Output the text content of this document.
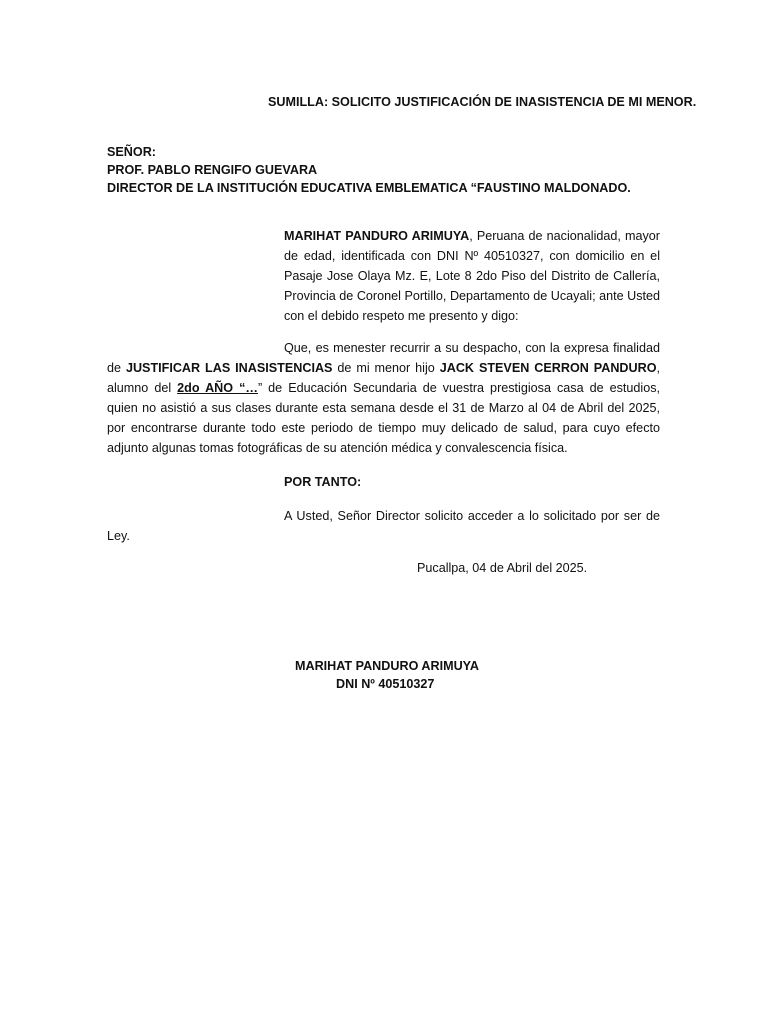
SUMILLA: SOLICITO JUSTIFICACIÓN DE INASISTENCIA DE MI MENOR.
SEÑOR:
PROF. PABLO RENGIFO GUEVARA
DIRECTOR DE LA INSTITUCIÓN EDUCATIVA EMBLEMATICA “FAUSTINO MALDONADO.

MARIHAT PANDURO ARIMUYA, Peruana de nacionalidad, mayor de edad, identificada con DNI Nº 40510327, con domicilio en el Pasaje Jose Olaya Mz. E, Lote 8 2do Piso del Distrito de Callería, Provincia de Coronel Portillo, Departamento de Ucayali; ante Usted con el debido respeto me presento y digo:

Que, es menester recurrir a su despacho, con la expresa finalidad de JUSTIFICAR LAS INASISTENCIAS de mi menor hijo JACK STEVEN CERRON PANDURO, alumno del 2do AÑO “…” de Educación Secundaria de vuestra prestigiosa casa de estudios, quien no asistió a sus clases durante esta semana desde el 31 de Marzo al 04 de Abril del 2025, por encontrarse durante todo este periodo de tiempo muy delicado de salud, para cuyo efecto adjunto algunas tomas fotográficas de su atención médica y convalescencia física.

POR TANTO:

A Usted, Señor Director solicito acceder a lo solicitado por ser de Ley.

Pucallpa, 04 de Abril del 2025.
MARIHAT PANDURO ARIMUYA
DNI Nº 40510327
